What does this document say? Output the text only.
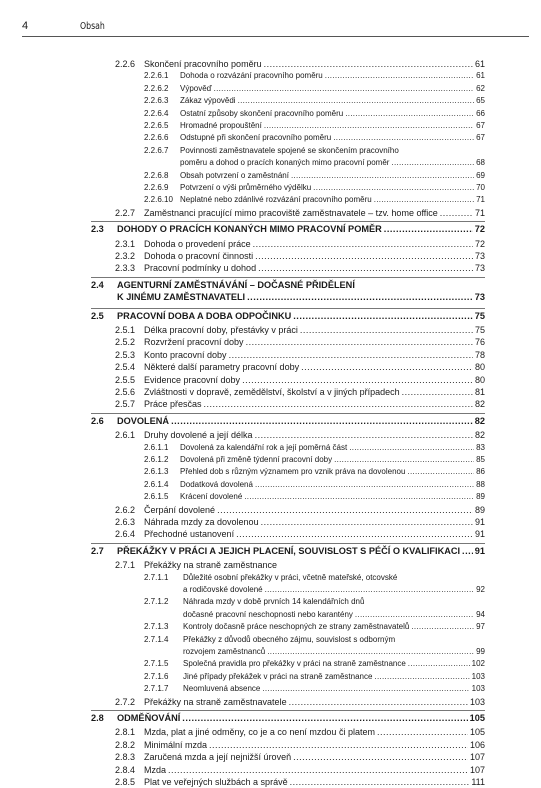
4	Obsah
2.2.6 Skončení pracovního poměru .....	61
2.2.6.1 Dohoda o rozvázání pracovního poměru .....	61
2.2.6.2 Výpověď .....	62
2.2.6.3 Zákaz výpovědi .....	65
2.2.6.4 Ostatní způsoby skončení pracovního poměru .....	66
2.2.6.5 Hromadné propouštění .....	67
2.2.6.6 Odstupné při skončení pracovního poměru .....	67
2.2.6.7 Povinnosti zaměstnavatele spojené se skončením pracovního
poměru a dohod o pracích konaných mimo pracovní poměr .....	68
2.2.6.8 Obsah potvrzení o zaměstnání .....	69
2.2.6.9 Potvrzení o výši průměrného výdělku .....	70
2.2.6.10 Neplatné nebo zdánlivé rozvázání pracovního poměru .....	71
2.2.7 Zaměstnanci pracující mimo pracoviště zaměstnavatele – tzv. home office .....	71
2.3 DOHODY O PRACÍCH KONANÝCH MIMO PRACOVNÍ POMĚR .....	72
2.3.1 Dohoda o provedení práce .....	72
2.3.2 Dohoda o pracovní činnosti .....	73
2.3.3 Pracovní podmínky u dohod .....	73
2.4 AGENTURNÍ ZAMĚSTNÁVÁNÍ – DOČASNÉ PŘIDĚLENÍ
K JINÉMU ZAMĚSTNAVATELI .....	73
2.5 PRACOVNÍ DOBA A DOBA ODPOČINKU .....	75
2.5.1 Délka pracovní doby, přestávky v práci .....	75
2.5.2 Rozvržení pracovní doby .....	76
2.5.3 Konto pracovní doby .....	78
2.5.4 Některé další parametry pracovní doby .....	80
2.5.5 Evidence pracovní doby .....	80
2.5.6 Zvláštnosti v dopravě, zemědělství, školství a v jiných případech .....	81
2.5.7 Práce přesčas .....	82
2.6 DOVOLENÁ .....	82
2.6.1 Druhy dovolené a její délka .....	82
2.6.1.1 Dovolená za kalendářní rok a její poměrná část .....	83
2.6.1.2 Dovolená při změně týdenní pracovní doby .....	85
2.6.1.3 Přehled dob s různým významem pro vznik práva na dovolenou .....	86
2.6.1.4 Dodatková dovolená .....	88
2.6.1.5 Krácení dovolené .....	89
2.6.2 Čerpání dovolené .....	89
2.6.3 Náhrada mzdy za dovolenou .....	91
2.6.4 Přechodné ustanovení .....	91
2.7 PŘEKÁŽKY V PRÁCI A JEJICH PLACENÍ, SOUVISLOST S PÉČÍ O KVALIFIKACI ..... 91
2.7.1 Překážky na straně zaměstnance
2.7.1.1 Důležité osobní překážky v práci, včetně mateřské, otcovské
a rodičovské dovolené .....	92
2.7.1.2 Náhrada mzdy v době prvních 14 kalendářních dnů
dočasné pracovní neschopnosti nebo karantény .....	94
2.7.1.3 Kontroly dočasně práce neschopných ze strany zaměstnavatelů .....	97
2.7.1.4 Překážky z důvodů obecného zájmu, souvislost s odborným
rozvojem zaměstnanců .....	99
2.7.1.5 Společná pravidla pro překážky v práci na straně zaměstnance .....	102
2.7.1.6 Jiné případy překážek v práci na straně zaměstnance .....	103
2.7.1.7 Neomluvená absence .....	103
2.7.2 Překážky na straně zaměstnavatele .....	103
2.8 ODMĚŇOVÁNÍ .....	105
2.8.1 Mzda, plat a jiné odměny, co je a co není mzdou či platem .....	105
2.8.2 Minimální mzda .....	106
2.8.3 Zaručená mzda a její nejnižší úroveň .....	107
2.8.4 Mzda .....	107
2.8.5 Plat ve veřejných službách a správě .....	111
